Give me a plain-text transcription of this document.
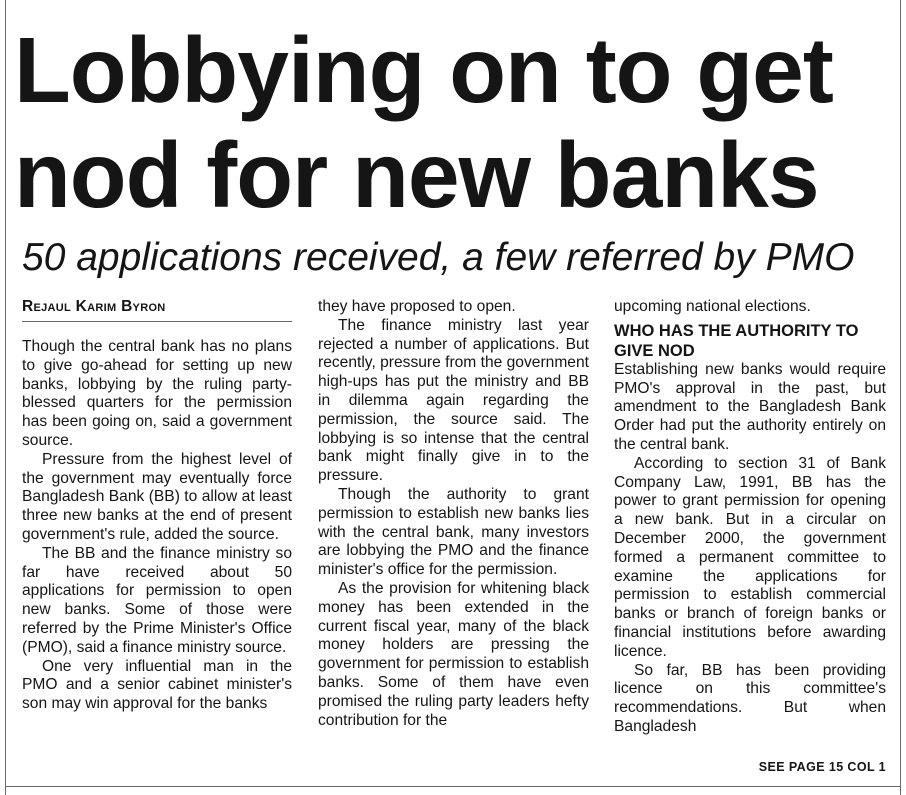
Lobbying on to get
nod for new banks
50 applications received, a few referred by PMO
Rejaul Karim Byron

Though the central bank has no plans to give go-ahead for setting up new banks, lobbying by the ruling party-blessed quarters for the permission has been going on, said a government source.

Pressure from the highest level of the government may eventually force Bangladesh Bank (BB) to allow at least three new banks at the end of present government's rule, added the source.

The BB and the finance ministry so far have received about 50 applications for permission to open new banks. Some of those were referred by the Prime Minister's Office (PMO), said a finance ministry source.

One very influential man in the PMO and a senior cabinet minister's son may win approval for the banks

they have proposed to open.

The finance ministry last year rejected a number of applications. But recently, pressure from the government high-ups has put the ministry and BB in dilemma again regarding the permission, the source said. The lobbying is so intense that the central bank might finally give in to the pressure.

Though the authority to grant permission to establish new banks lies with the central bank, many investors are lobbying the PMO and the finance minister's office for the permission.

As the provision for whitening black money has been extended in the current fiscal year, many of the black money holders are pressing the government for permission to establish banks. Some of them have even promised the ruling party leaders hefty contribution for the

upcoming national elections.

WHO HAS THE AUTHORITY TO GIVE NOD

Establishing new banks would require PMO's approval in the past, but amendment to the Bangladesh Bank Order had put the authority entirely on the central bank.

According to section 31 of Bank Company Law, 1991, BB has the power to grant permission for opening a new bank. But in a circular on December 2000, the government formed a permanent committee to examine the applications for permission to establish commercial banks or branch of foreign banks or financial institutions before awarding licence.

So far, BB has been providing licence on this committee's recommendations. But when Bangladesh

SEE PAGE 15 COL 1
